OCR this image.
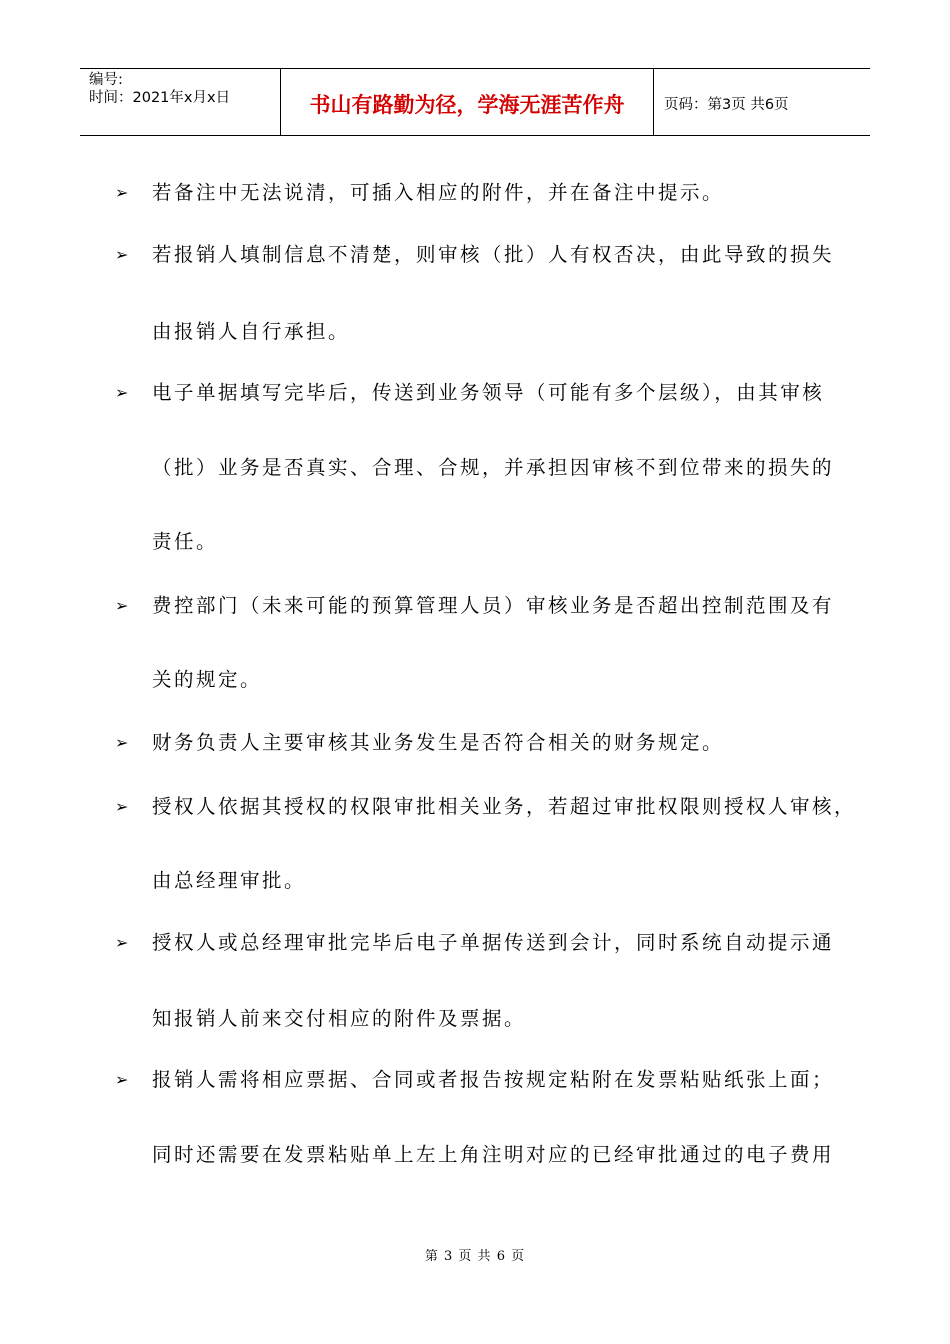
编号:
时间：2021年x月x日	书山有路勤为径，学海无涯苦作舟	页码：第3页 共6页
➢ 若备注中无法说清，可插入相应的附件，并在备注中提示。
➢ 若报销人填制信息不清楚，则审核（批）人有权否决，由此导致的损失
由报销人自行承担。
➢ 电子单据填写完毕后，传送到业务领导（可能有多个层级），由其审核
（批）业务是否真实、合理、合规，并承担因审核不到位带来的损失的
责任。
➢ 费控部门（未来可能的预算管理人员）审核业务是否超出控制范围及有
关的规定。
➢ 财务负责人主要审核其业务发生是否符合相关的财务规定。
➢ 授权人依据其授权的权限审批相关业务，若超过审批权限则授权人审核，
由总经理审批。
➢ 授权人或总经理审批完毕后电子单据传送到会计，同时系统自动提示通
知报销人前来交付相应的附件及票据。
➢ 报销人需将相应票据、合同或者报告按规定粘附在发票粘贴纸张上面；
同时还需要在发票粘贴单上左上角注明对应的已经审批通过的电子费用
第 3 页 共 6 页
